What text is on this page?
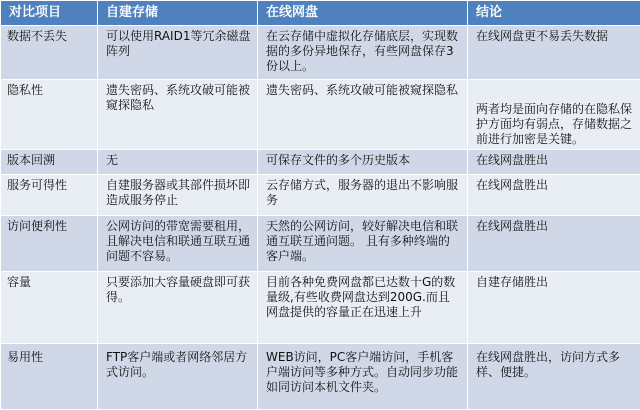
对比项目	自建存储	在线网盘	结论
数据不丢失	可以使用RAID1等冗余磁盘阵列	在云存储中虚拟化存储底层，实现数据的多份异地保存，有些网盘保存3份以上。	在线网盘更不易丢失数据
隐私性	遗失密码、系统攻破可能被窥探隐私	遗失密码、系统攻破可能被窥探隐私	两者均是面向存储的在隐私保护方面均有弱点，存储数据之前进行加密是关键。
版本回溯	无	可保存文件的多个历史版本	在线网盘胜出
服务可得性	自建服务器或其部件损坏即造成服务停止	云存储方式，服务器的退出不影响服务	在线网盘胜出
访问便利性	公网访问的带宽需要租用，且解决电信和联通互联互通问题不容易。	天然的公网访问，较好解决电信和联通互联互通问题。 且有多种终端的客户端。	在线网盘胜出
容量	只要添加大容量硬盘即可获得。	目前各种免费网盘都已达数十G的数量级,有些收费网盘达到200G.而且网盘提供的容量正在迅速上升	自建存储胜出
易用性	FTP客户端或者网络邻居方式访问。	WEB访问，PC客户端访问，手机客户端访问等多种方式。自动同步功能如同访问本机文件夹。	在线网盘胜出，访问方式多样、便捷。
